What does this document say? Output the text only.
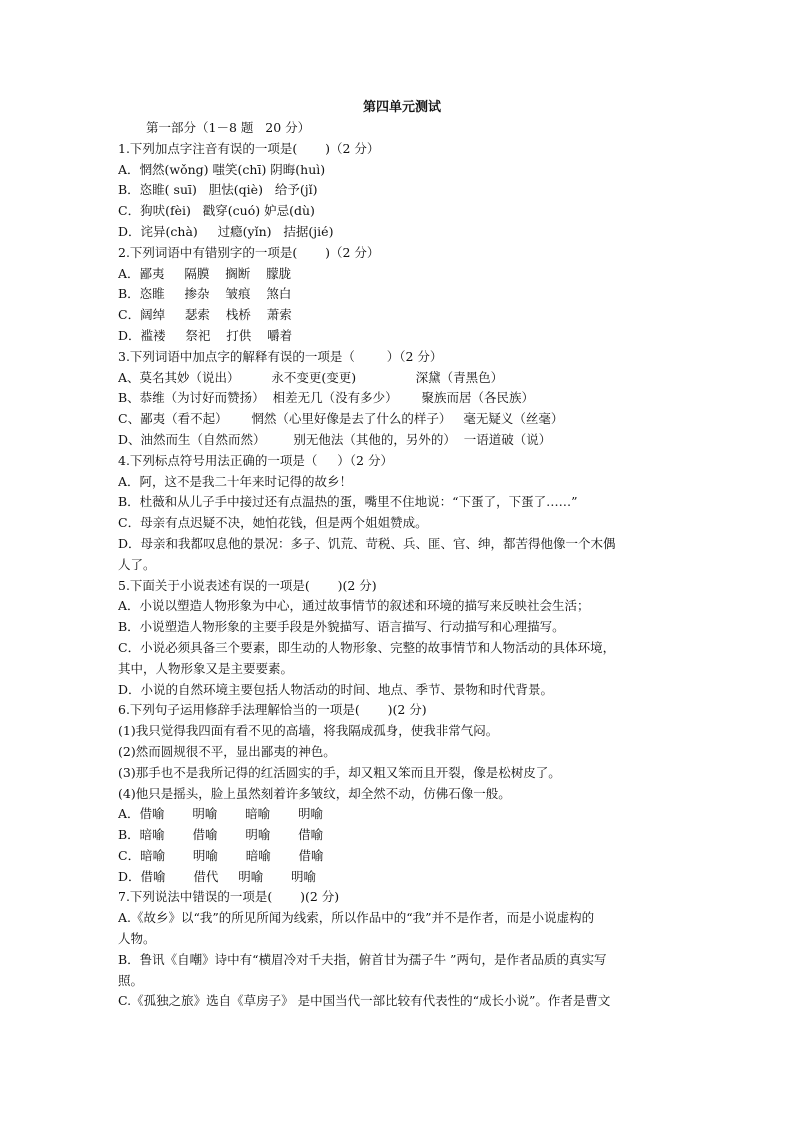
第四单元测试
第一部分（1－8 题   20 分）
1.下列加点字注音有误的一项是(       )（2 分）
A．惘然(wǒng) 嗤笑(chī) 阴晦(huì)
B．恣睢( suī)   胆怯(qiè)   给予(jǐ)
C．狗吠(fèi)   戳穿(cuó) 妒忌(dù)
D．诧异(chà)     过瘾(yǐn)   拮据(jié)
2.下列词语中有错别字的一项是(       )（2 分）
A．鄙夷     隔膜    搁断    朦胧
B．恣睢     掺杂    皱痕    煞白
C．阔绰     瑟索    栈桥    萧索
D．褴褛     祭祀    打供    嚼着
3.下列词语中加点字的解释有误的一项是（        ）（2 分）
A、莫名其妙（说出）        永不变更(变更)               深黛（青黑色）
B、恭维（为讨好而赞扬）  相差无几（没有多少）      聚族而居（各民族）
C、鄙夷（看不起）      惘然（心里好像是去了什么的样子）   毫无疑义（丝毫）
D、油然而生（自然而然）       别无他法（其他的，另外的）  一语道破（说）
4.下列标点符号用法正确的一项是（     ）（2 分）
A．阿，这不是我二十年来时记得的故乡！
B．杜薇和从儿子手中接过还有点温热的蛋，嘴里不住地说：“下蛋了，下蛋了……”
C．母亲有点迟疑不决，她怕花钱，但是两个姐姐赞成。
D．母亲和我都叹息他的景况：多子、饥荒、苛税、兵、匪、官、绅，都苦得他像一个木偶
人了。
5.下面关于小说表述有误的一项是(       )(2 分)
A．小说以塑造人物形象为中心，通过故事情节的叙述和环境的描写来反映社会生活；
B．小说塑造人物形象的主要手段是外貌描写、语言描写、行动描写和心理描写。
C．小说必须具备三个要素，即生动的人物形象、完整的故事情节和人物活动的具体环境，
其中，人物形象又是主要要素。
D．小说的自然环境主要包括人物活动的时间、地点、季节、景物和时代背景。
6.下列句子运用修辞手法理解恰当的一项是(       )(2 分)
(1)我只觉得我四面有看不见的高墙，将我隔成孤身，使我非常气闷。
(2)然而圆规很不平，显出鄙夷的神色。
(3)那手也不是我所记得的红活圆实的手，却又粗又笨而且开裂，像是松树皮了。
(4)他只是摇头，脸上虽然刻着许多皱纹，却全然不动，仿佛石像一般。
A．借喻       明喻       暗喻       明喻
B．暗喻       借喻       明喻       借喻
C．暗喻       明喻       暗喻       借喻
D．借喻       借代     明喻       明喻
7.下列说法中错误的一项是(       )(2 分)
A.《故乡》以“我”的所见所闻为线索，所以作品中的“我”并不是作者，而是小说虚构的
人物。
B．鲁讯《自嘲》诗中有“横眉冷对千夫指，俯首甘为孺子牛 ”两句，是作者品质的真实写
照。
C.《孤独之旅》选自《草房子》 是中国当代一部比较有代表性的“成长小说”。作者是曹文
